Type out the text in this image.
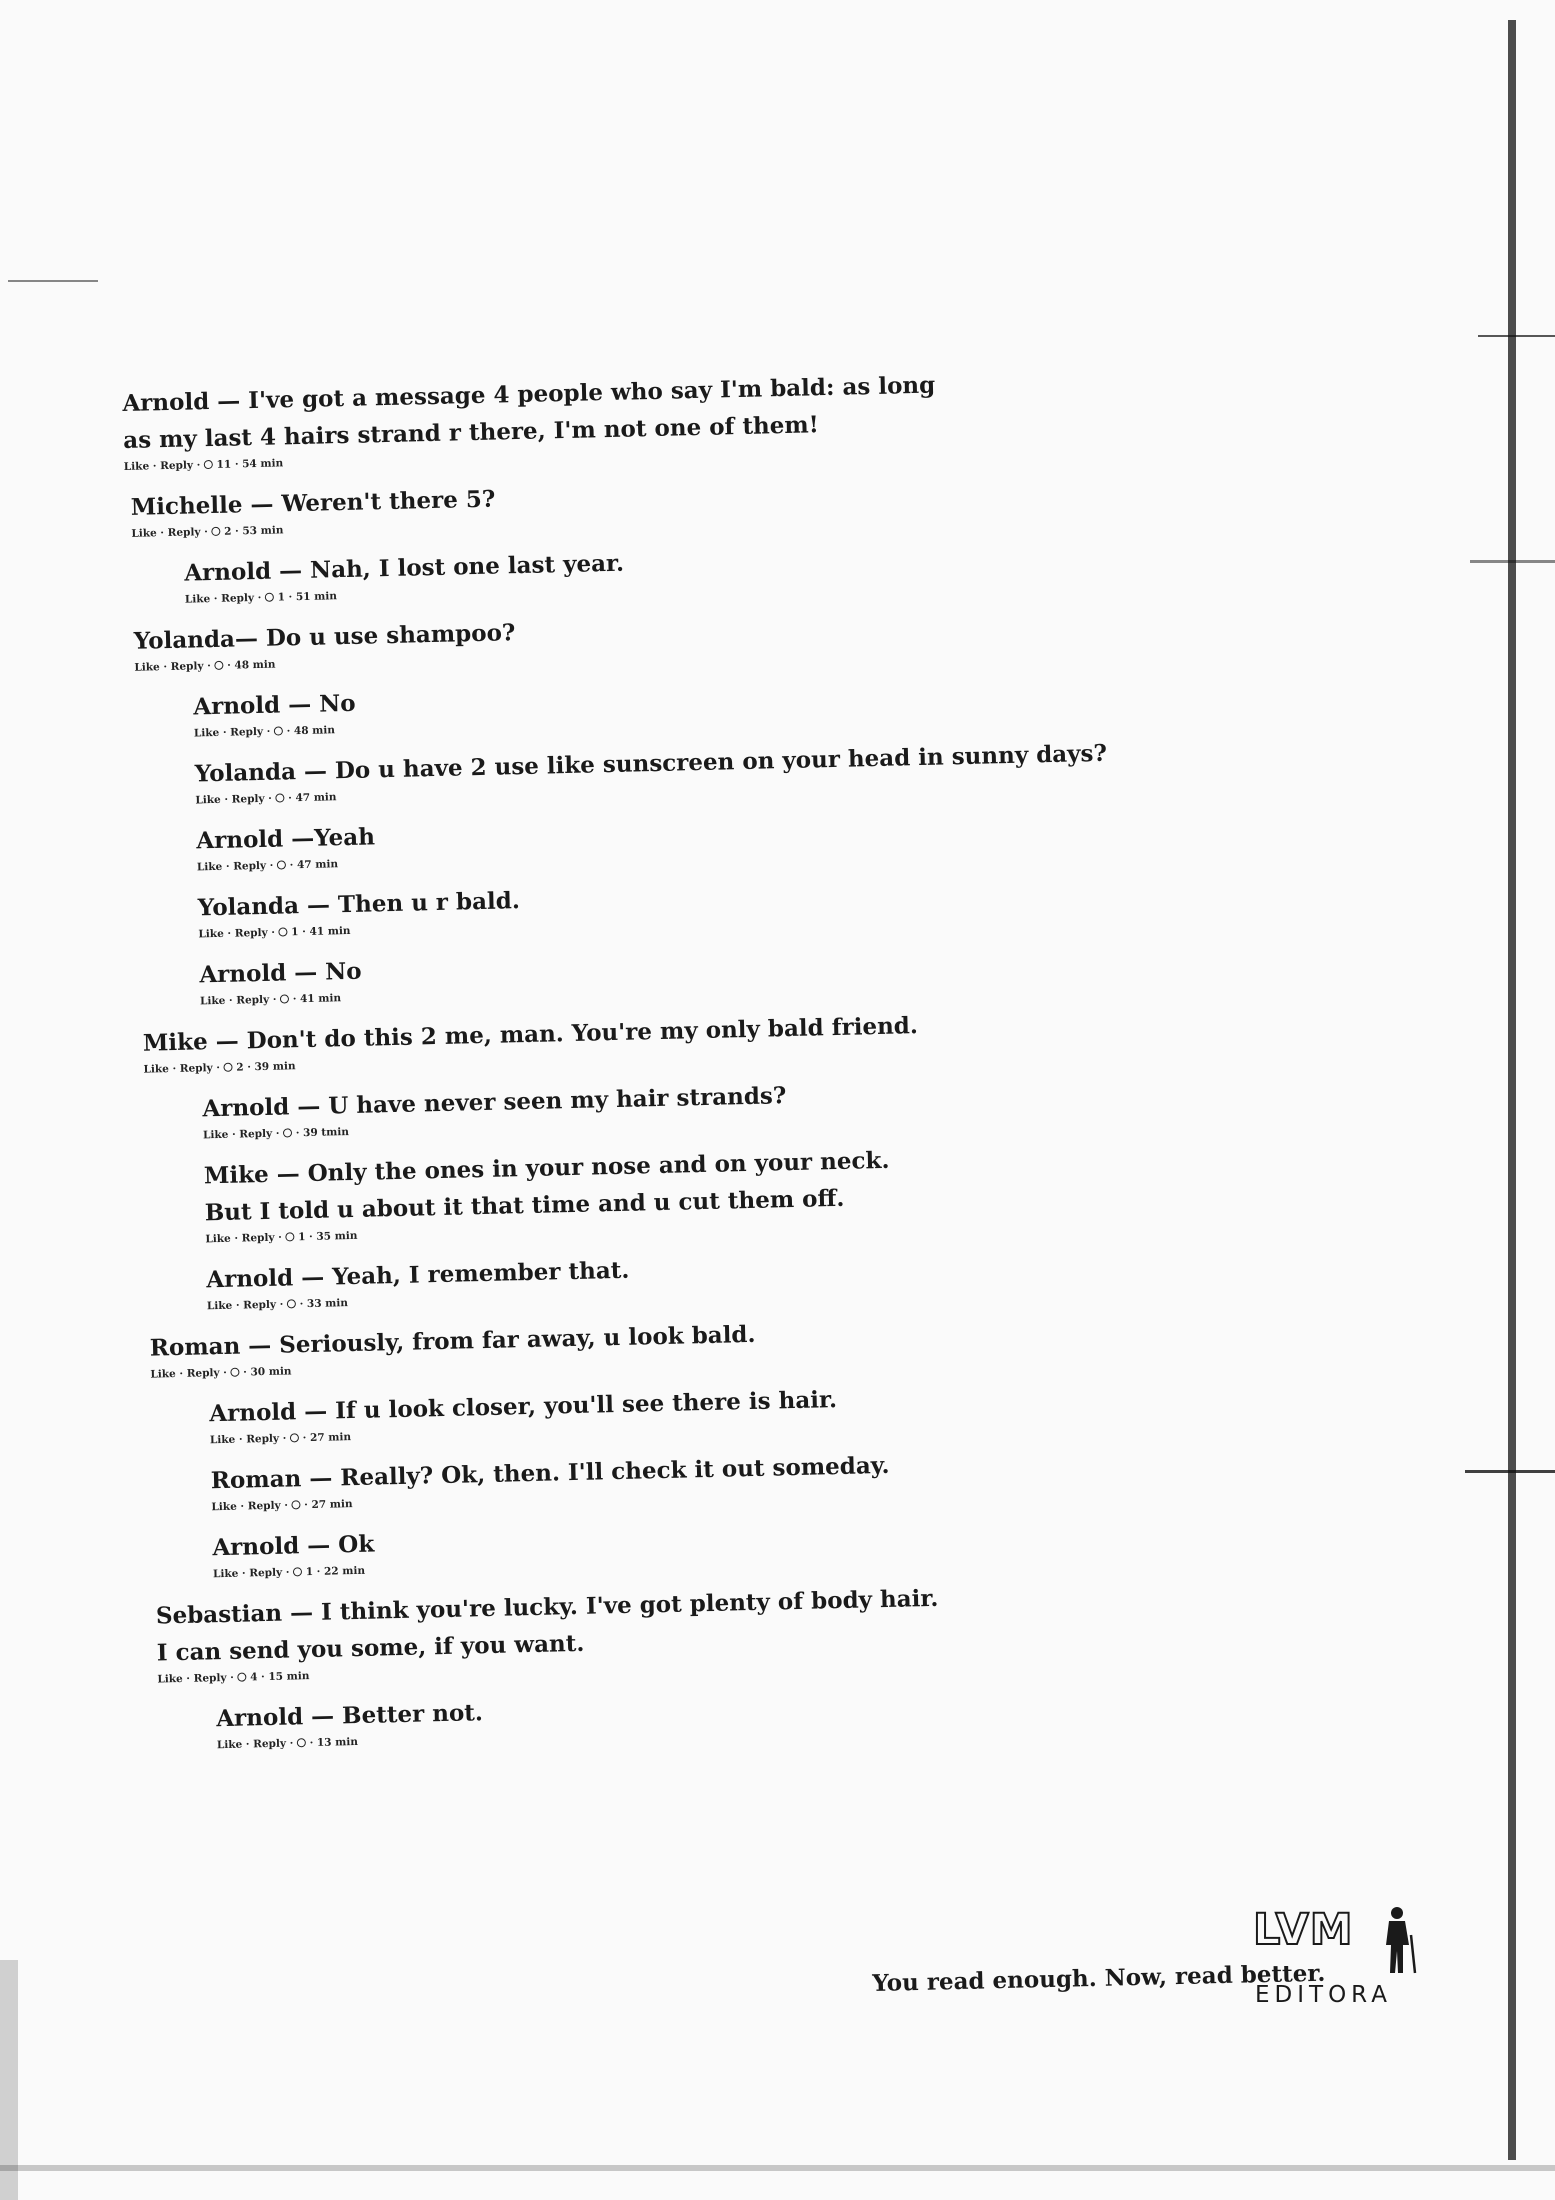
Arnold — I've got a message 4 people who say I'm bald: as long
as my last 4 hairs strand r there, I'm not one of them!
Like · Reply ·  11 · 54 min
Michelle — Weren't there 5?
Like · Reply ·  2 · 53 min
Arnold — Nah, I lost one last year.
Like · Reply ·  1 · 51 min
Yolanda— Do u use shampoo?
Like · Reply ·  · 48 min
Arnold — No
Like · Reply ·  · 48 min
Yolanda — Do u have 2 use like sunscreen on your head in sunny days?
Like · Reply ·  · 47 min
Arnold —Yeah
Like · Reply ·  · 47 min
Yolanda — Then u r bald.
Like · Reply ·  1 · 41 min
Arnold — No
Like · Reply ·  · 41 min
Mike — Don't do this 2 me, man. You're my only bald friend.
Like · Reply ·  2 · 39 min
Arnold — U have never seen my hair strands?
Like · Reply ·  · 39 tmin
Mike — Only the ones in your nose and on your neck.
But I told u about it that time and u cut them off.
Like · Reply ·  1 · 35 min
Arnold — Yeah, I remember that.
Like · Reply ·  · 33 min
Roman — Seriously, from far away, u look bald.
Like · Reply ·  · 30 min
Arnold — If u look closer, you'll see there is hair.
Like · Reply ·  · 27 min
Roman — Really? Ok, then. I'll check it out someday.
Like · Reply ·  · 27 min
Arnold — Ok
Like · Reply ·  1 · 22 min
Sebastian — I think you're lucky. I've got plenty of body hair.
I can send you some, if you want.
Like · Reply ·  4 · 15 min
Arnold — Better not.
Like · Reply ·  · 13 min
You read enough. Now, read better.
LVM
EDITORA
